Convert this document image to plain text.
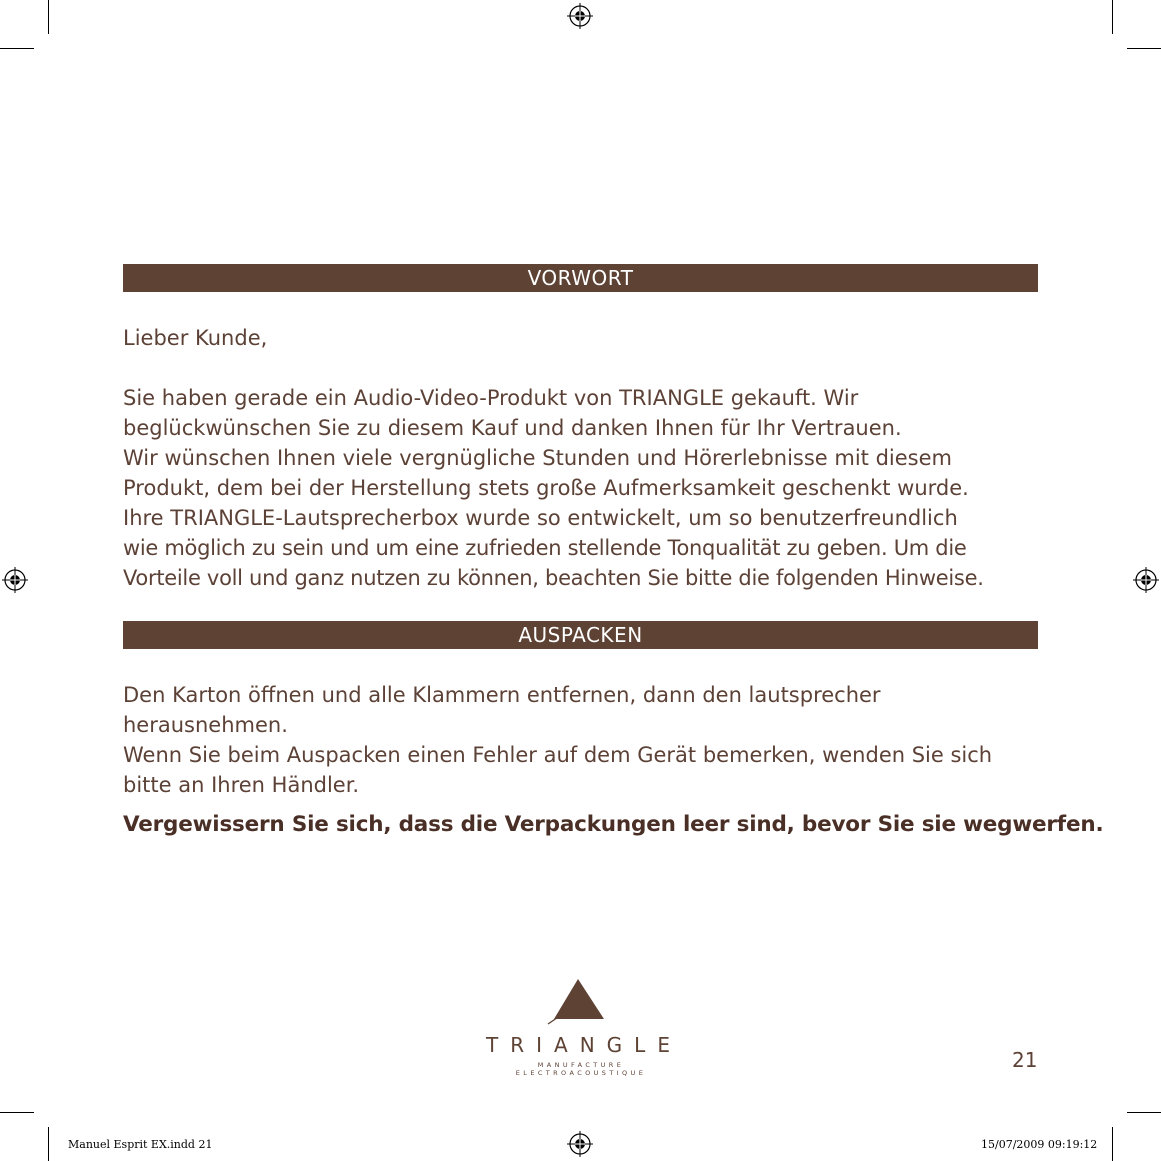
VORWORT
Lieber Kunde,
Sie haben gerade ein Audio-Video-Produkt von TRIANGLE gekauft. Wir
beglückwünschen Sie zu diesem Kauf und danken Ihnen für Ihr Vertrauen.
Wir wünschen Ihnen viele vergnügliche Stunden und Hörerlebnisse mit diesem
Produkt, dem bei der Herstellung stets große Aufmerksamkeit geschenkt wurde.
Ihre TRIANGLE-Lautsprecherbox wurde so entwickelt, um so benutzerfreundlich
wie möglich zu sein und um eine zufrieden stellende Tonqualität zu geben. Um die
Vorteile voll und ganz nutzen zu können, beachten Sie bitte die folgenden Hinweise.
AUSPACKEN
Den Karton öffnen und alle Klammern entfernen, dann den lautsprecher
herausnehmen.
Wenn Sie beim Auspacken einen Fehler auf dem Gerät bemerken, wenden Sie sich
bitte an Ihren Händler.
Vergewissern Sie sich, dass die Verpackungen leer sind, bevor Sie sie wegwerfen.
TRIANGLE
MANUFACTURE ELECTROACOUSTIQUE
21
Manuel Esprit EX.indd 21	15/07/2009 09:19:12
